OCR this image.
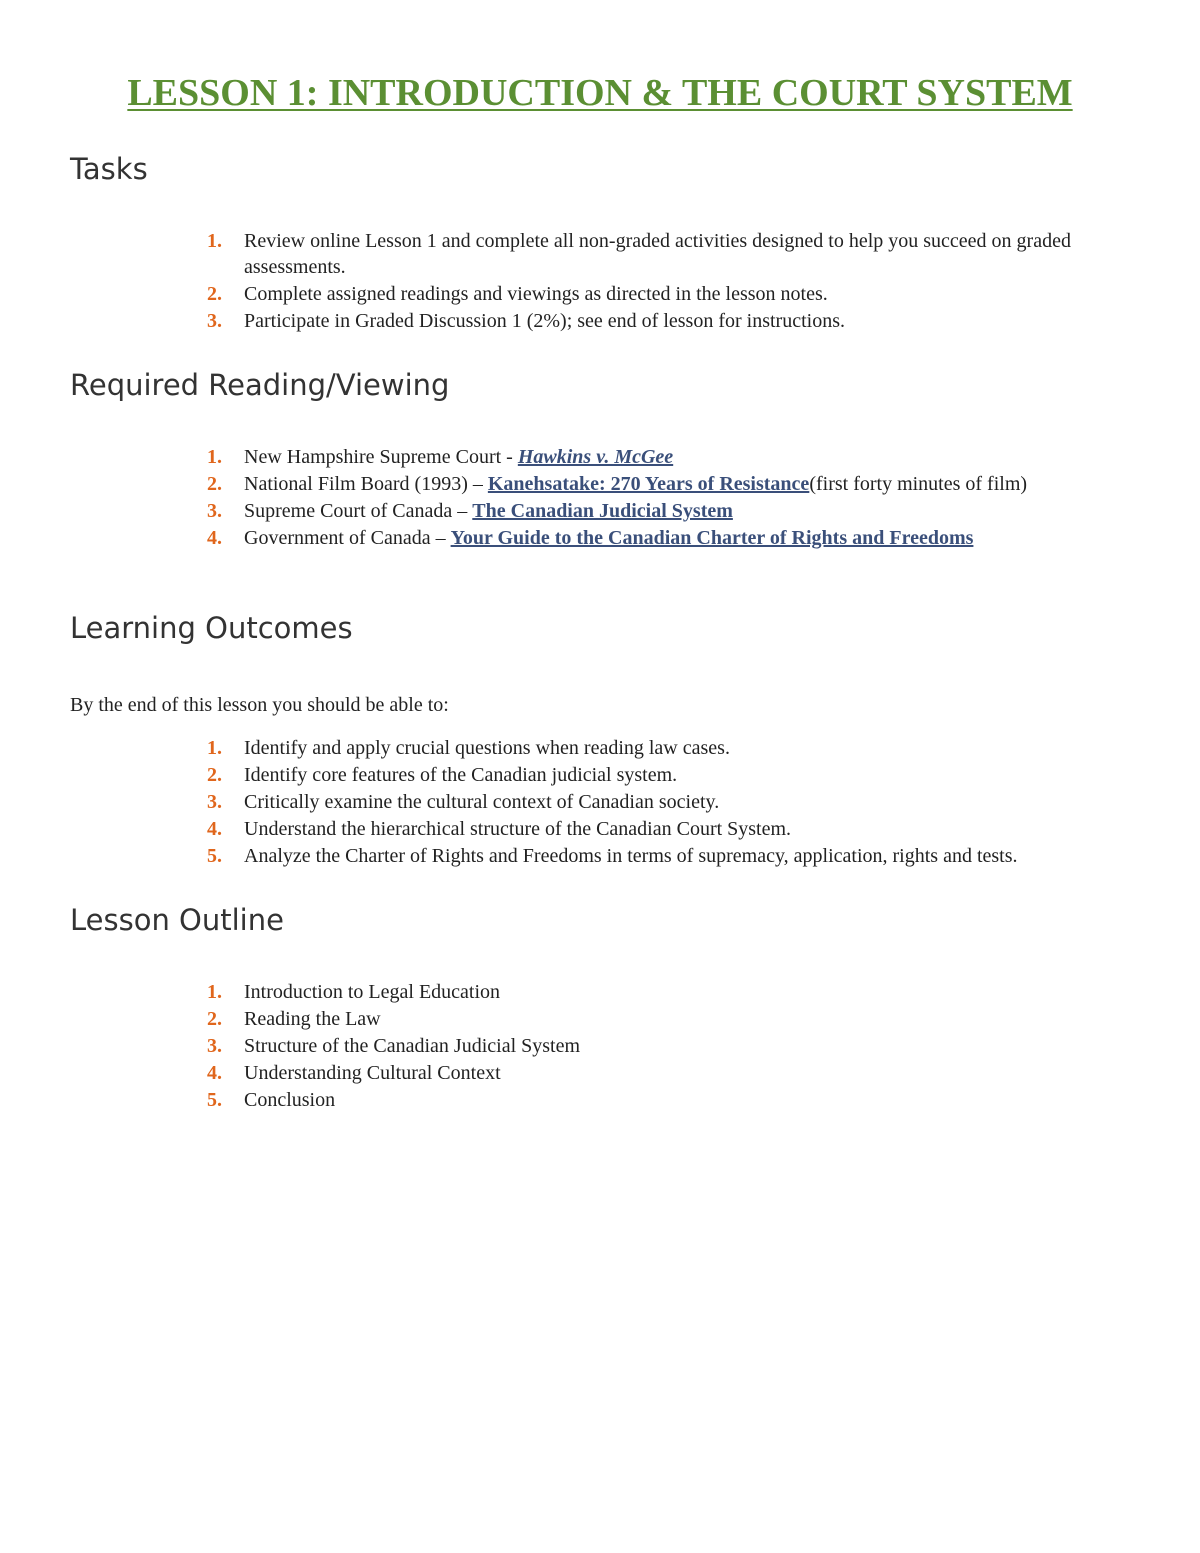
LESSON 1: INTRODUCTION & THE COURT SYSTEM
Tasks
1. Review online Lesson 1 and complete all non-graded activities designed to help you succeed on graded assessments.
2. Complete assigned readings and viewings as directed in the lesson notes.
3. Participate in Graded Discussion 1 (2%); see end of lesson for instructions.
Required Reading/Viewing
1. New Hampshire Supreme Court - Hawkins v. McGee
2. National Film Board (1993) – Kanehsatake: 270 Years of Resistance(first forty minutes of film)
3. Supreme Court of Canada – The Canadian Judicial System
4. Government of Canada – Your Guide to the Canadian Charter of Rights and Freedoms
Learning Outcomes

By the end of this lesson you should be able to:

1. Identify and apply crucial questions when reading law cases.
2. Identify core features of the Canadian judicial system.
3. Critically examine the cultural context of Canadian society.
4. Understand the hierarchical structure of the Canadian Court System.
5. Analyze the Charter of Rights and Freedoms in terms of supremacy, application, rights and tests.
Lesson Outline
1. Introduction to Legal Education
2. Reading the Law
3. Structure of the Canadian Judicial System
4. Understanding Cultural Context
5. Conclusion
